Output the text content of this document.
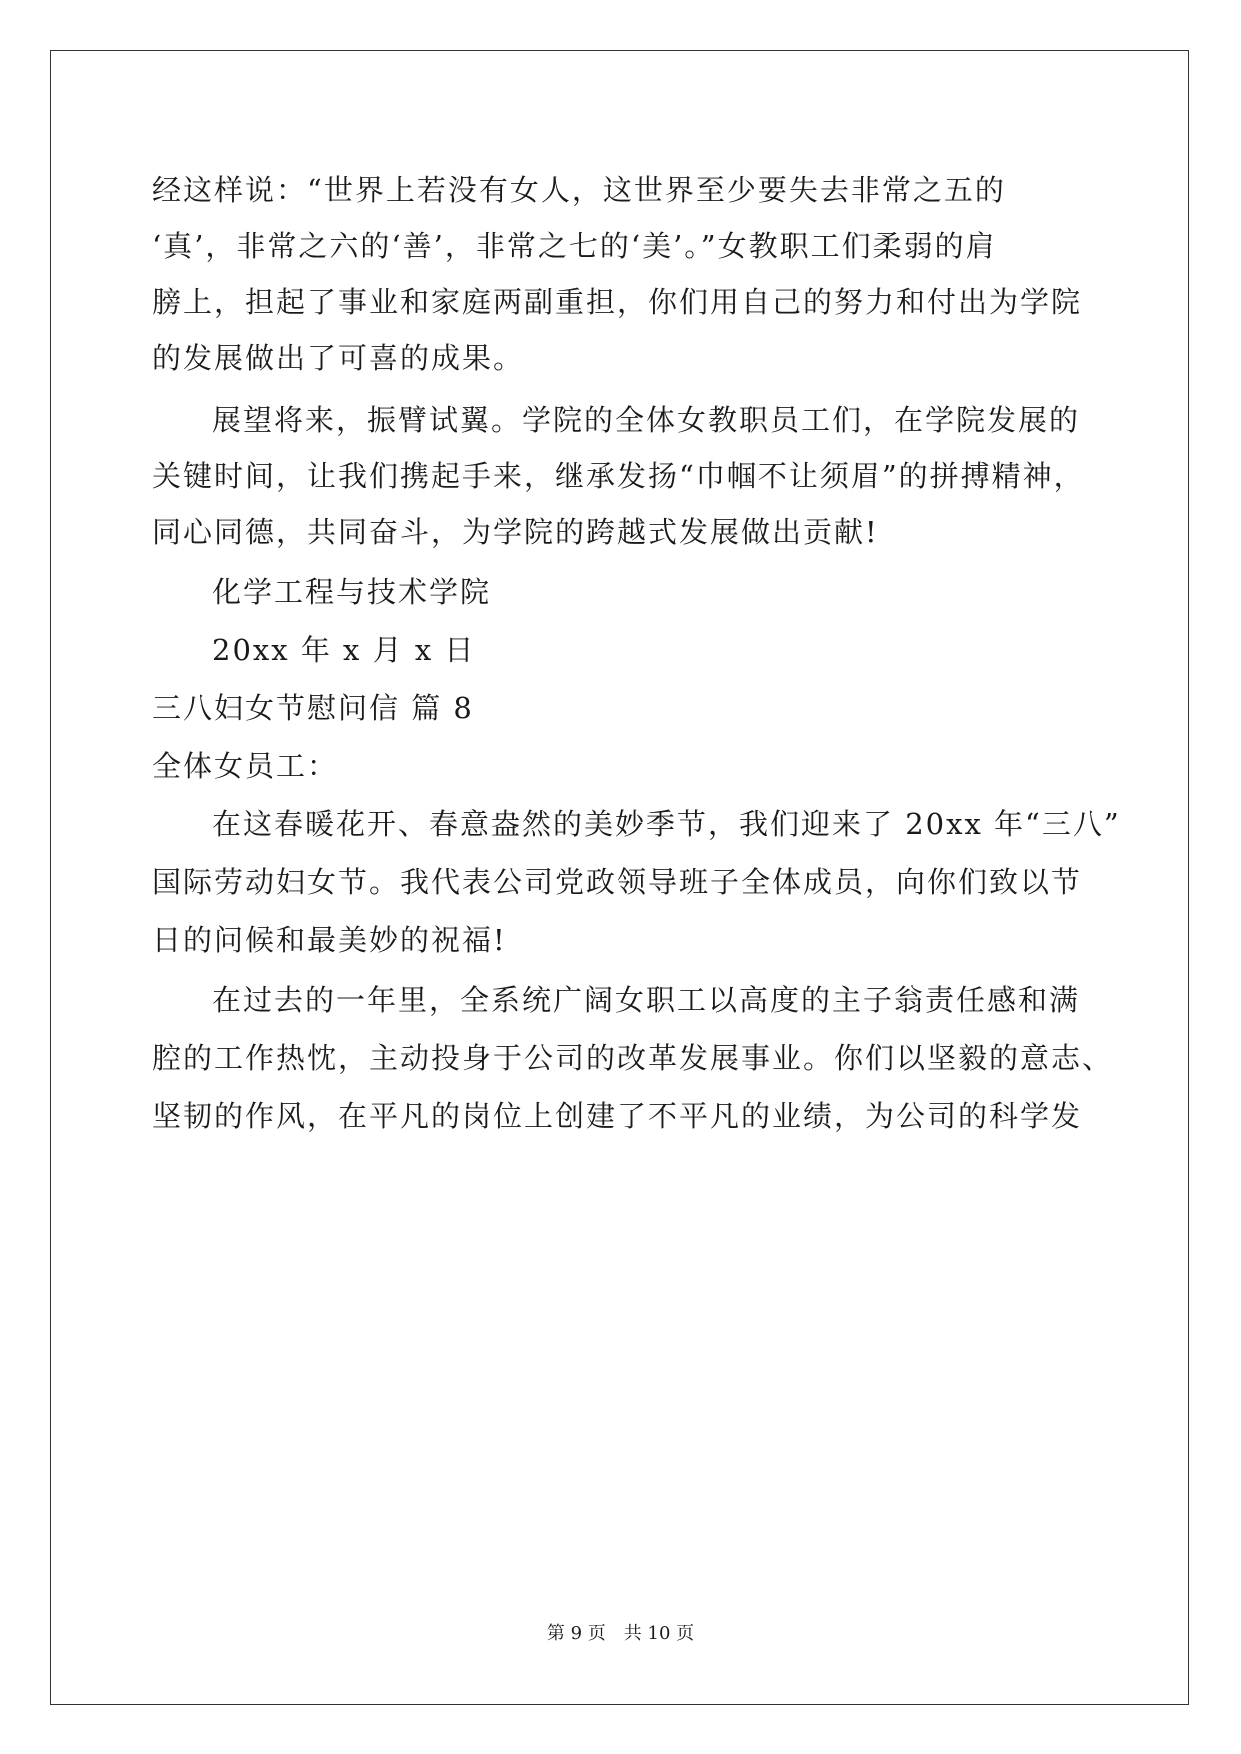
经这样说：“世界上若没有女人，这世界至少要失去非常之五的
‘真’，非常之六的‘善’，非常之七的‘美’。”女教职工们柔弱的肩
膀上，担起了事业和家庭两副重担，你们用自己的努力和付出为学院
的发展做出了可喜的成果。
展望将来，振臂试翼。学院的全体女教职员工们，在学院发展的
关键时间，让我们携起手来，继承发扬“巾帼不让须眉”的拼搏精神，
同心同德，共同奋斗，为学院的跨越式发展做出贡献!
化学工程与技术学院
20xx 年 x 月 x 日
三八妇女节慰问信 篇 8
全体女员工：
在这春暖花开、春意盎然的美妙季节，我们迎来了 20xx 年“三八”
国际劳动妇女节。我代表公司党政领导班子全体成员，向你们致以节
日的问候和最美妙的祝福!
在过去的一年里，全系统广阔女职工以高度的主子翁责任感和满
腔的工作热忱，主动投身于公司的改革发展事业。你们以坚毅的意志、
坚韧的作风，在平凡的岗位上创建了不平凡的业绩，为公司的科学发
第 9 页 共 10 页
